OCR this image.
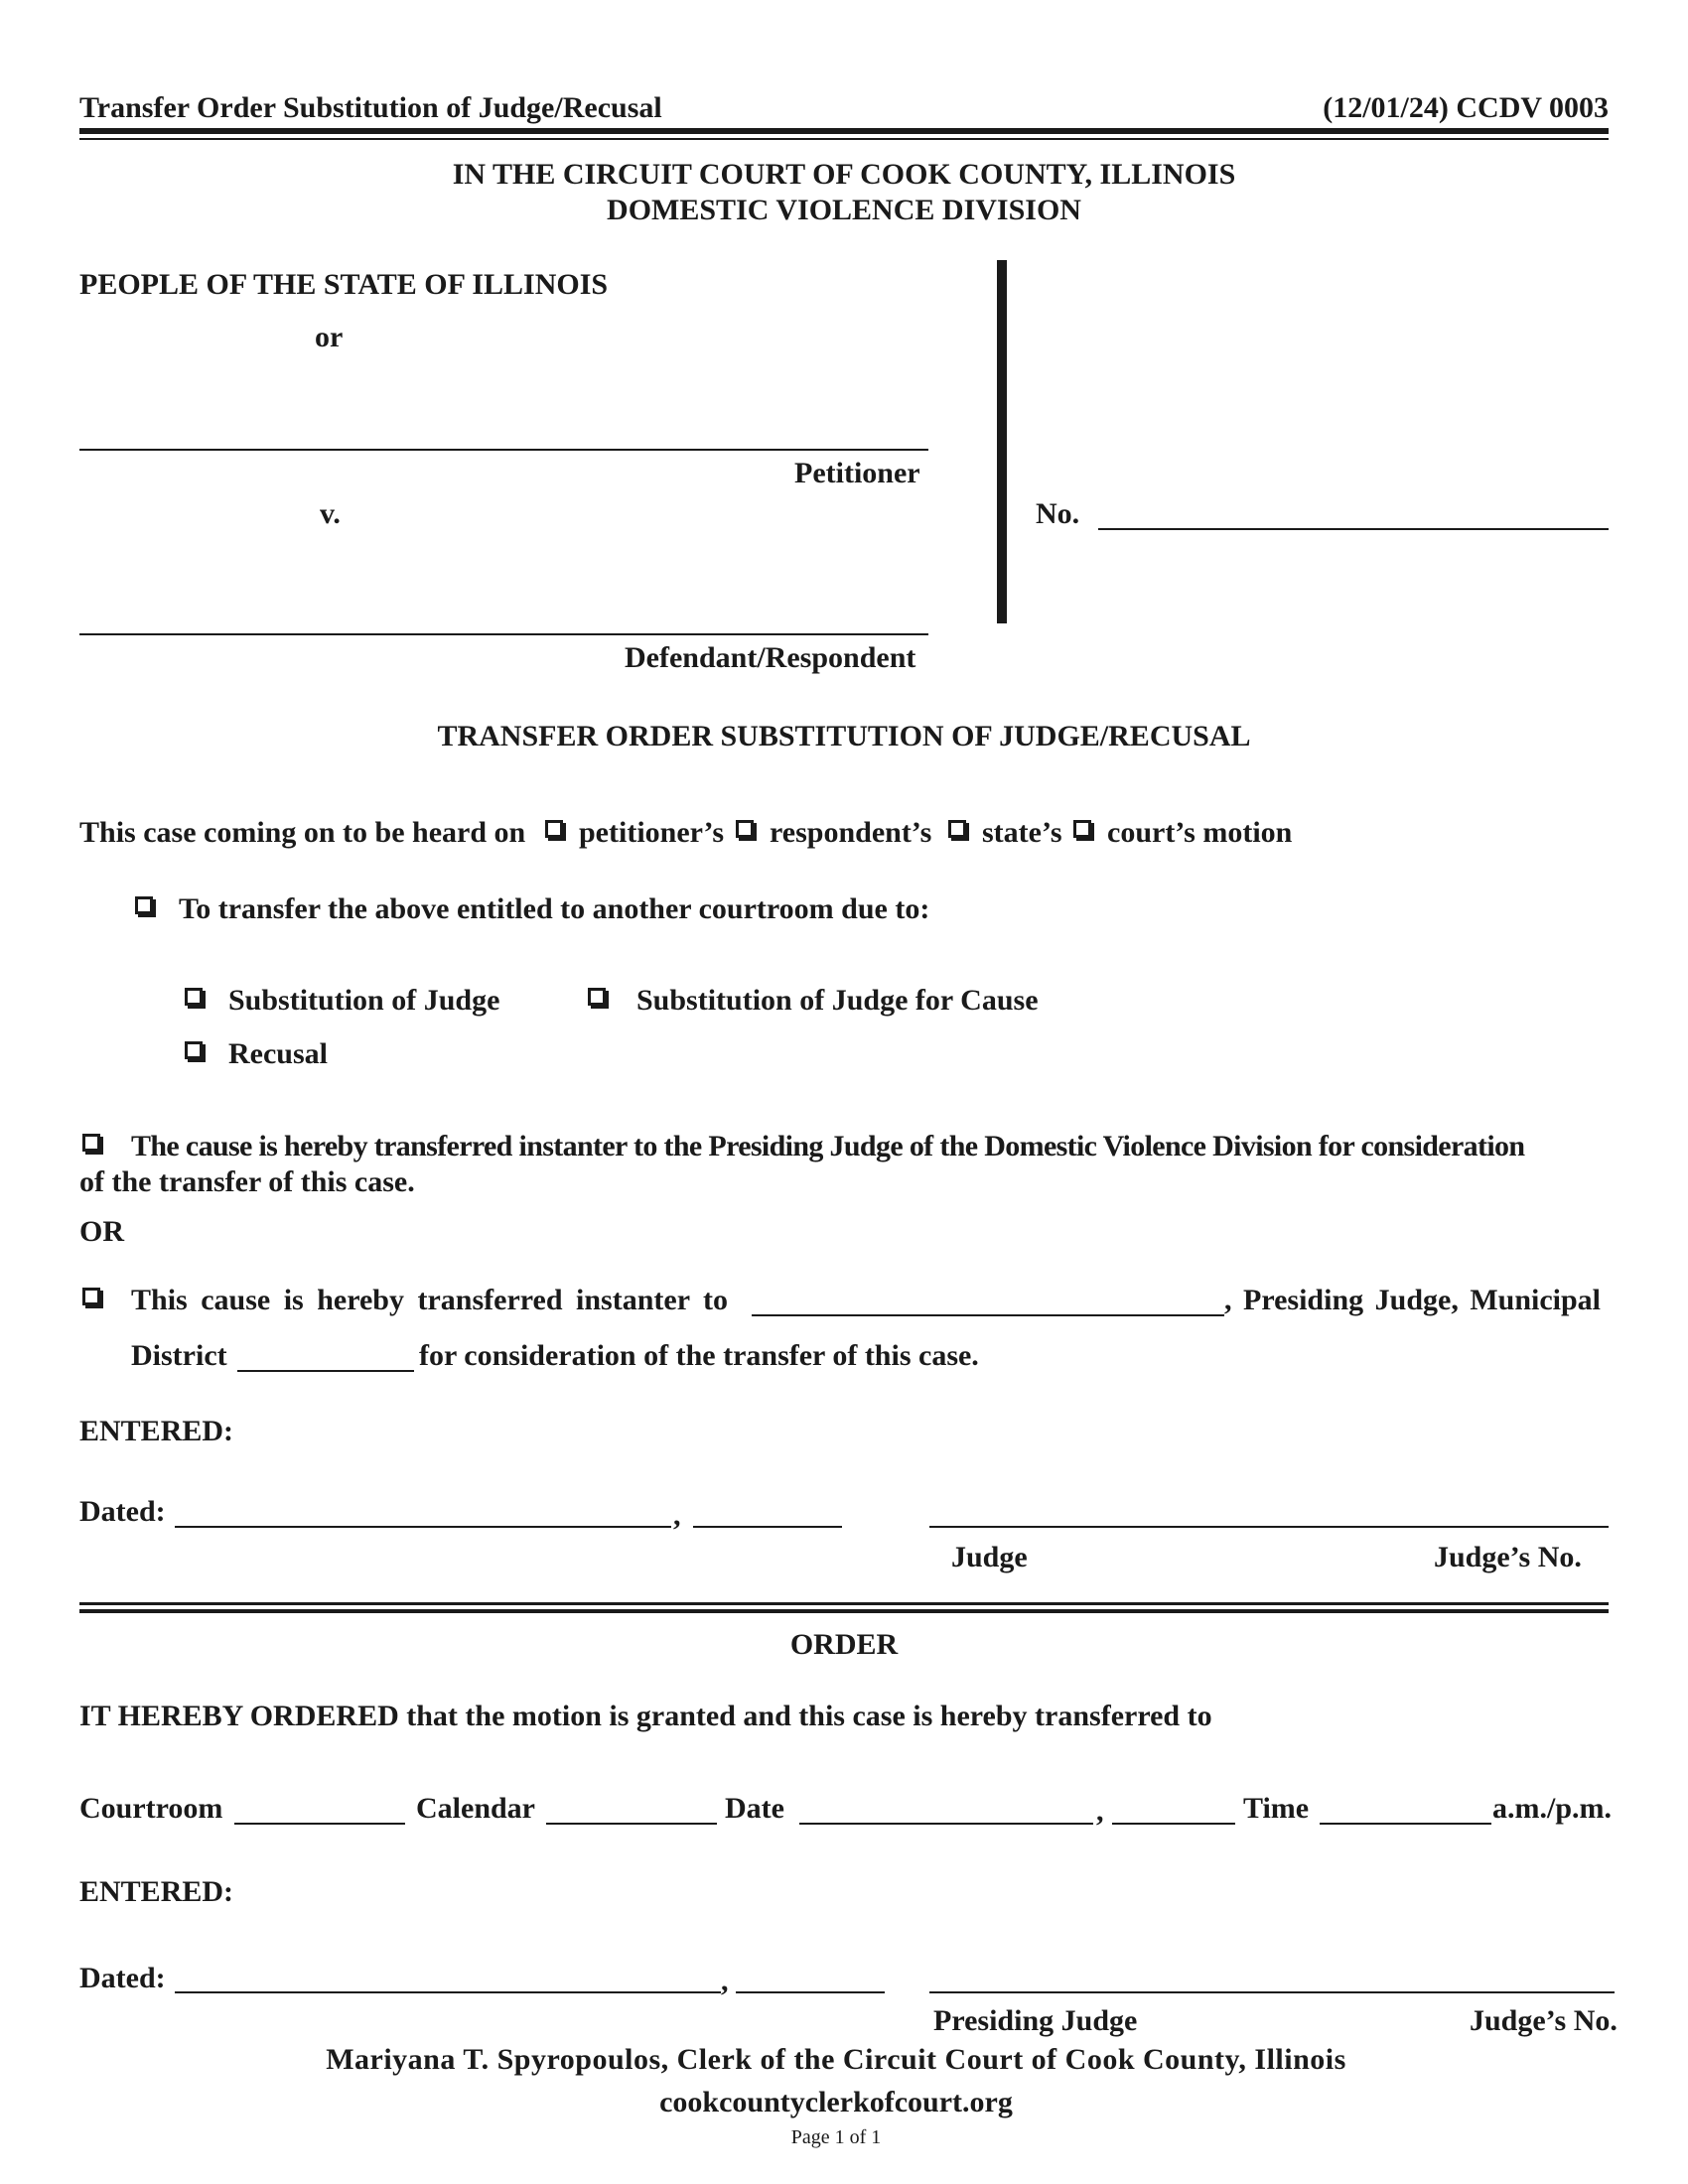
Transfer Order Substitution of Judge/Recusal	(12/01/24) CCDV 0003
IN THE CIRCUIT COURT OF COOK COUNTY, ILLINOIS
DOMESTIC VIOLENCE DIVISION
PEOPLE OF THE STATE OF ILLINOIS
or
Petitioner
v.
Defendant/Respondent
No.
TRANSFER ORDER SUBSTITUTION OF JUDGE/RECUSAL
This case coming on to be heard on petitioner’s respondent’s state’s court’s motion
To transfer the above entitled to another courtroom due to:
Substitution of Judge	Substitution of Judge for Cause
Recusal
The cause is hereby transferred instanter to the Presiding Judge of the Domestic Violence Division for consideration
of the transfer of this case.
OR
This cause is hereby transferred instanter to	, Presiding Judge, Municipal
District	for consideration of the transfer of this case.
ENTERED:
Dated:	,
Judge	Judge’s No.
ORDER
IT HEREBY ORDERED that the motion is granted and this case is hereby transferred to
Courtroom	Calendar	Date	,	Time	a.m./p.m.
ENTERED:
Dated:	,
Presiding Judge	Judge’s No.
Mariyana T. Spyropoulos, Clerk of the Circuit Court of Cook County, Illinois
cookcountyclerkofcourt.org
Page 1 of 1
